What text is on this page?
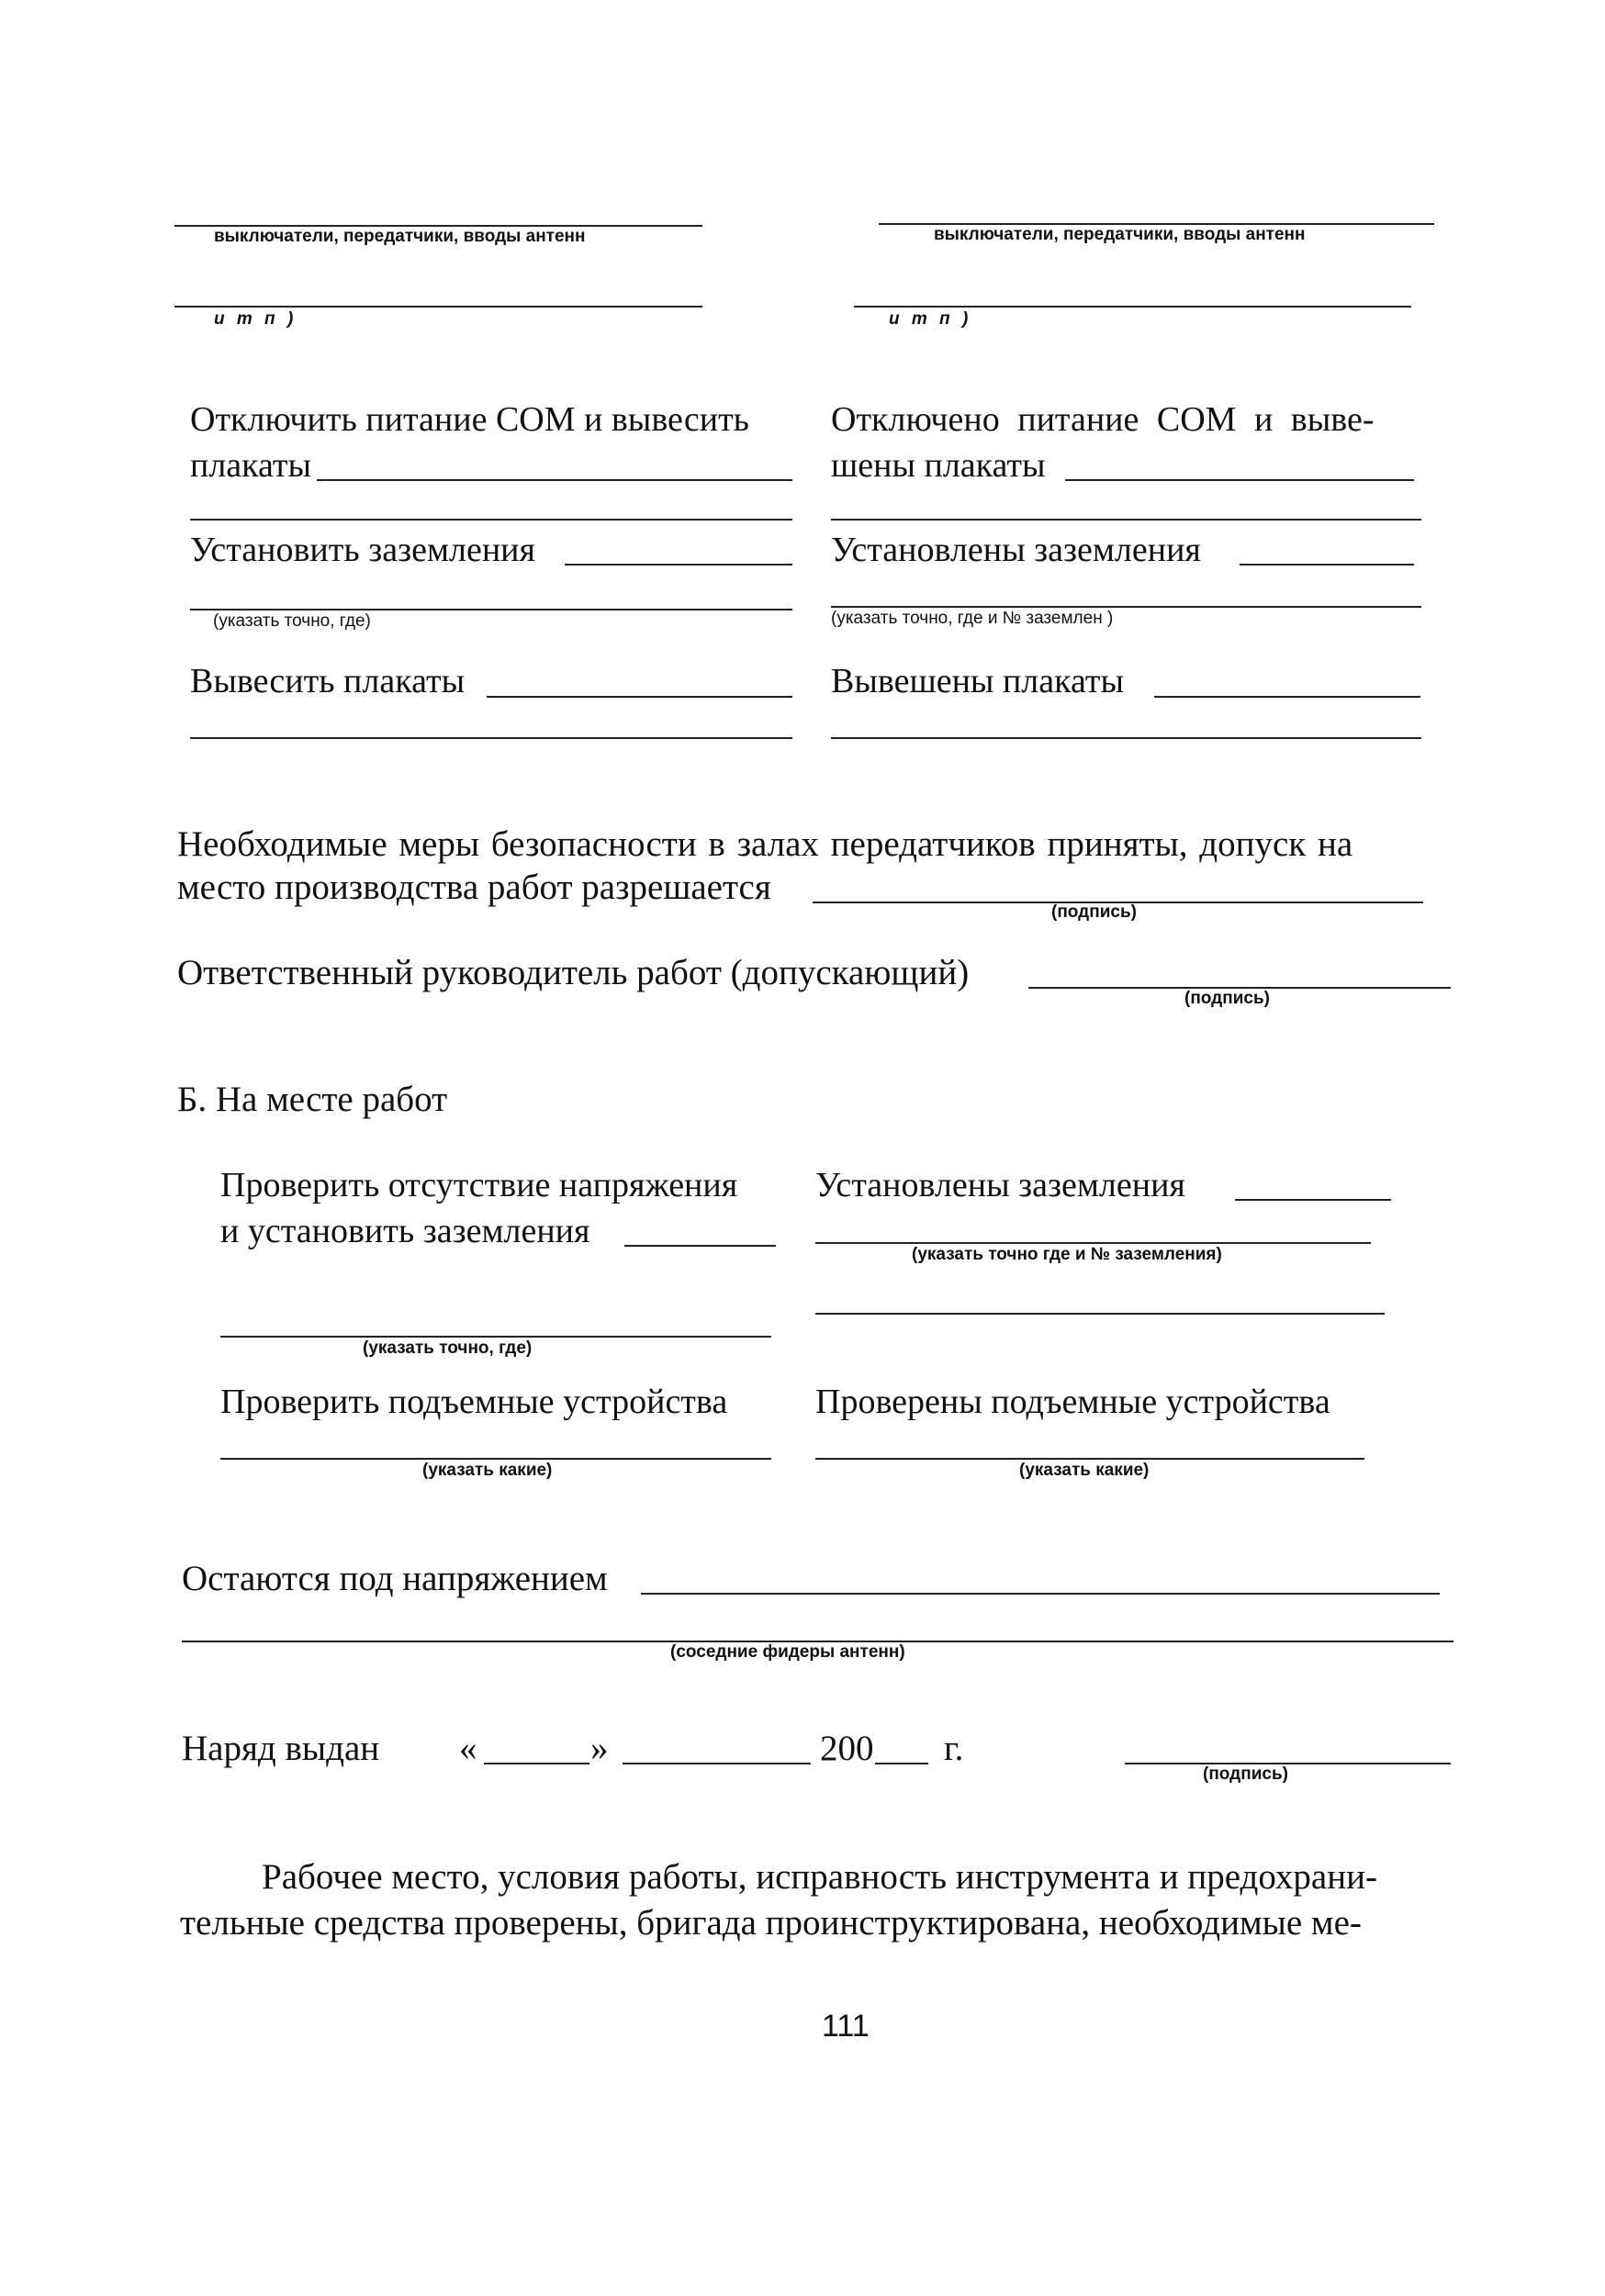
выключатели, передатчики, вводы антенн
и т п )
выключатели, передатчики, вводы антенн
и т п )
Отключить питание СОМ и вывесить
плакаты
Установить заземления
(указать точно, где)
Вывесить плакаты
Отключено питание СОМ и выве-
шены плакаты
Установлены заземления
(указать точно, где и № заземлен )
Вывешены плакаты
Необходимые меры безопасности в залах передатчиков приняты, допуск на
место производства работ разрешается
(подпись)
Ответственный руководитель работ (допускающий)
(подпись)
Б. На месте работ
Проверить отсутствие напряжения
и установить заземления
(указать точно, где)
Установлены заземления
(указать точно где и № заземления)
Проверить подъемные устройства
(указать какие)
Проверены подъемные устройства
(указать какие)
Остаются под напряжением
(соседние фидеры антенн)
Наряд выдан «	»	200 г.
(подпись)
Рабочее место, условия работы, исправность инструмента и предохрани-
тельные средства проверены, бригада проинструктирована, необходимые ме-
111
